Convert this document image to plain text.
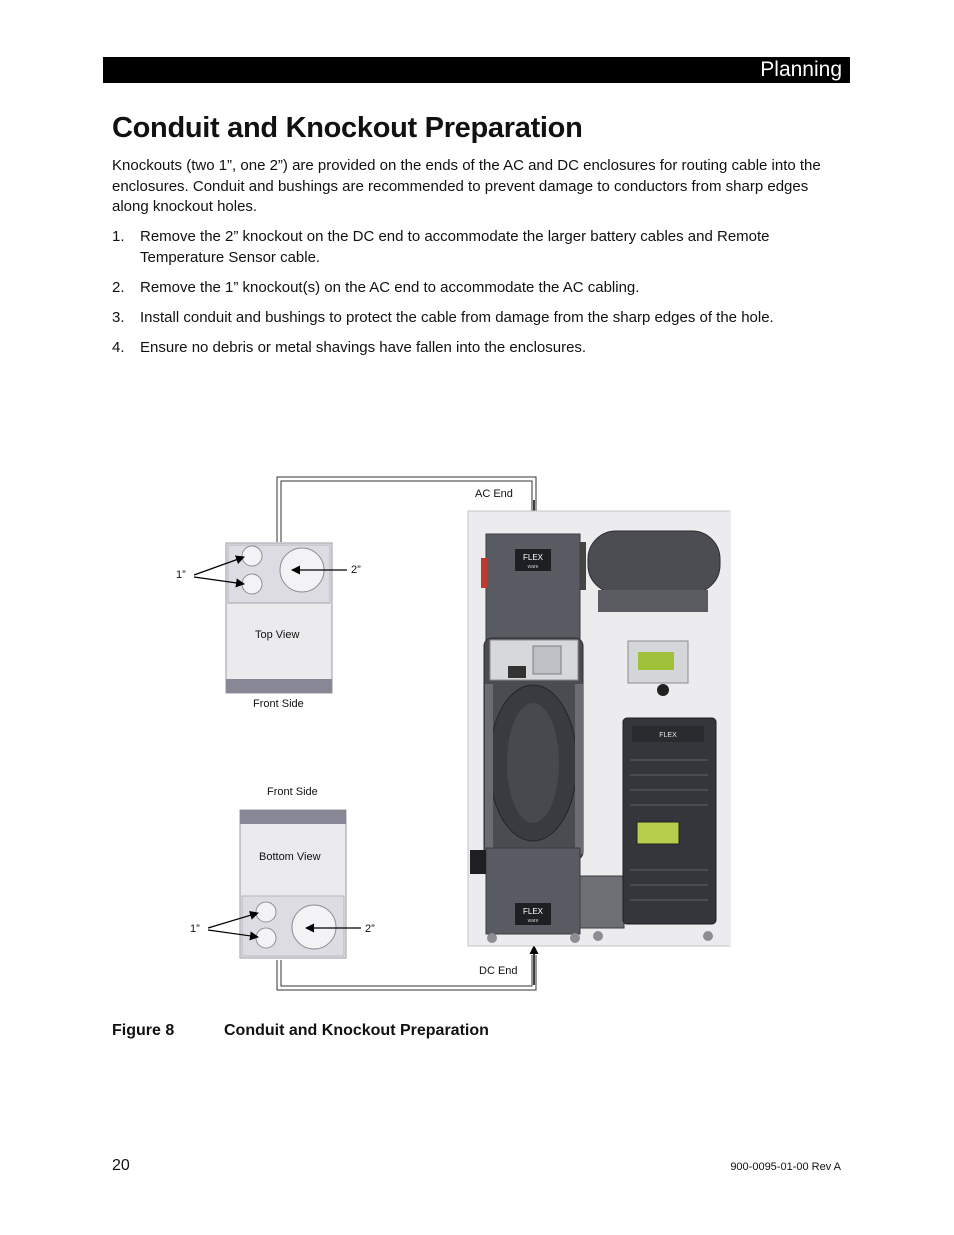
Planning
Conduit and Knockout Preparation

Knockouts (two 1”, one 2”) are provided on the ends of the AC and DC enclosures for routing cable into the enclosures. Conduit and bushings are recommended to prevent damage to conductors from sharp edges along knockout holes.

1. Remove the 2” knockout on the DC end to accommodate the larger battery cables and Remote Temperature Sensor cable.
2. Remove the 1” knockout(s) on the AC end to accommodate the AC cabling.
3. Install conduit and bushings to protect the cable from damage from the sharp edges of the hole.
4. Ensure no debris or metal shavings have fallen into the enclosures.
FLEX
ware
FLEX
ware
FLEX
AC End
DC End
Top View
Front Side
Front Side
Bottom View
1”	2”
1”	2”
Figure 8	Conduit and Knockout Preparation
20	900-0095-01-00 Rev A
